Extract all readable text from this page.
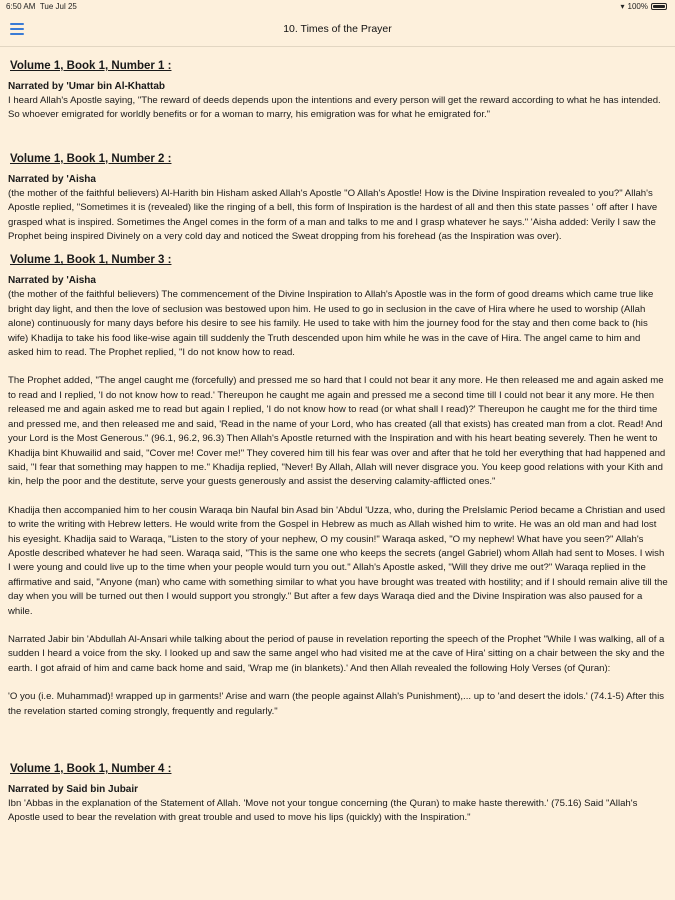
6:50 AM Tue Jul 25	▾ 100%
10. Times of the Prayer
Volume 1, Book 1, Number 1 :
Narrated by 'Umar bin Al-Khattab

I heard Allah's Apostle saying, "The reward of deeds depends upon the intentions and every person will get the reward according to what he has intended. So whoever emigrated for worldly benefits or for a woman to marry, his emigration was for what he emigrated for."

Volume 1, Book 1, Number 2 :
Narrated by 'Aisha

(the mother of the faithful believers) Al-Harith bin Hisham asked Allah's Apostle "O Allah's Apostle! How is the Divine Inspiration revealed to you?" Allah's Apostle replied, "Sometimes it is (revealed) like the ringing of a bell, this form of Inspiration is the hardest of all and then this state passes ' off after I have grasped what is inspired. Sometimes the Angel comes in the form of a man and talks to me and I grasp whatever he says." 'Aisha added: Verily I saw the Prophet being inspired Divinely on a very cold day and noticed the Sweat dropping from his forehead (as the Inspiration was over).

Volume 1, Book 1, Number 3 :
Narrated by 'Aisha

(the mother of the faithful believers) The commencement of the Divine Inspiration to Allah's Apostle was in the form of good dreams which came true like bright day light, and then the love of seclusion was bestowed upon him. He used to go in seclusion in the cave of Hira where he used to worship (Allah alone) continuously for many days before his desire to see his family. He used to take with him the journey food for the stay and then come back to (his wife) Khadija to take his food like-wise again till suddenly the Truth descended upon him while he was in the cave of Hira. The angel came to him and asked him to read. The Prophet replied, "I do not know how to read.

The Prophet added, "The angel caught me (forcefully) and pressed me so hard that I could not bear it any more. He then released me and again asked me to read and I replied, 'I do not know how to read.' Thereupon he caught me again and pressed me a second time till I could not bear it any more. He then released me and again asked me to read but again I replied, 'I do not know how to read (or what shall I read)?' Thereupon he caught me for the third time and pressed me, and then released me and said, 'Read in the name of your Lord, who has created (all that exists) has created man from a clot. Read! And your Lord is the Most Generous." (96.1, 96.2, 96.3) Then Allah's Apostle returned with the Inspiration and with his heart beating severely. Then he went to Khadija bint Khuwailid and said, "Cover me! Cover me!" They covered him till his fear was over and after that he told her everything that had happened and said, "I fear that something may happen to me." Khadija replied, "Never! By Allah, Allah will never disgrace you. You keep good relations with your Kith and kin, help the poor and the destitute, serve your guests generously and assist the deserving calamity-afflicted ones."

Khadija then accompanied him to her cousin Waraqa bin Naufal bin Asad bin 'Abdul 'Uzza, who, during the PreIslamic Period became a Christian and used to write the writing with Hebrew letters. He would write from the Gospel in Hebrew as much as Allah wished him to write. He was an old man and had lost his eyesight. Khadija said to Waraqa, "Listen to the story of your nephew, O my cousin!" Waraqa asked, "O my nephew! What have you seen?" Allah's Apostle described whatever he had seen. Waraqa said, "This is the same one who keeps the secrets (angel Gabriel) whom Allah had sent to Moses. I wish I were young and could live up to the time when your people would turn you out." Allah's Apostle asked, "Will they drive me out?" Waraqa replied in the affirmative and said, "Anyone (man) who came with something similar to what you have brought was treated with hostility; and if I should remain alive till the day when you will be turned out then I would support you strongly." But after a few days Waraqa died and the Divine Inspiration was also paused for a while.

Narrated Jabir bin 'Abdullah Al-Ansari while talking about the period of pause in revelation reporting the speech of the Prophet "While I was walking, all of a sudden I heard a voice from the sky. I looked up and saw the same angel who had visited me at the cave of Hira' sitting on a chair between the sky and the earth. I got afraid of him and came back home and said, 'Wrap me (in blankets).' And then Allah revealed the following Holy Verses (of Quran):

'O you (i.e. Muhammad)! wrapped up in garments!' Arise and warn (the people against Allah's Punishment),... up to 'and desert the idols.' (74.1-5) After this the revelation started coming strongly, frequently and regularly."

Volume 1, Book 1, Number 4 :
Narrated by Said bin Jubair

Ibn 'Abbas in the explanation of the Statement of Allah. 'Move not your tongue concerning (the Quran) to make haste therewith.' (75.16) Said "Allah's Apostle used to bear the revelation with great trouble and used to move his lips (quickly) with the Inspiration."
